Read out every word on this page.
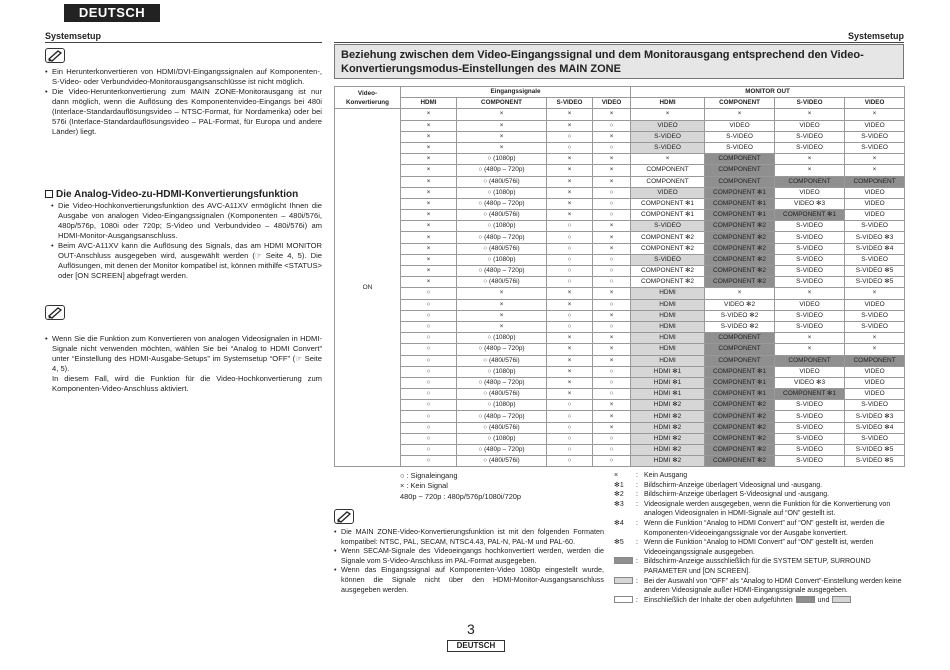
DEUTSCH
Systemsetup	Systemsetup
• Ein Herunterkonvertieren von HDMI/DVI-Eingangssignalen auf Komponenten-, S-Video- oder Verbundvideo-Monitorausgangsanschlüsse ist nicht möglich.
• Die Video-Herunterkonvertierung zum MAIN ZONE-Monitorausgang ist nur dann möglich, wenn die Auflösung des Komponentenvideo-Eingangs bei 480i (Interlace-Standardauflösungsvideo – NTSC-Format, für Nordamerika) oder bei 576i (Interlace-Standardauflösungsvideo – PAL-Format, für Europa und andere Länder) liegt.
Die Analog-Video-zu-HDMI-Konvertierungsfunktion
• Die Video-Hochkonvertierungsfunktion des AVC-A11XV ermöglicht Ihnen die Ausgabe von analogen Video-Eingangssignalen (Komponenten – 480i/576i, 480p/576p, 1080i oder 720p; S-Video und Verbundvideo – 480i/576i) am HDMI-Monitor-Ausgangsanschluss.
• Beim AVC-A11XV kann die Auflösung des Signals, das am HDMI MONITOR OUT-Anschluss ausgegeben wird, ausgewählt werden (☞ Seite 4, 5). Die Auflösungen, mit denen der Monitor kompatibel ist, können mithilfe <STATUS> oder [ON SCREEN] abgefragt werden.

• Wenn Sie die Funktion zum Konvertieren von analogen Videosignalen in HDMI-Signale nicht verwenden möchten, wählen Sie bei “Analog to HDMI Convert” unter “Einstellung des HDMI-Ausgabe-Setups” im Systemsetup “OFF” (☞ Seite 4, 5).
In diesem Fall, wird die Funktion für die Video-Hochkonvertierung zum Komponenten-Video-Anschluss aktiviert.

Beziehung zwischen dem Video-Eingangssignal und dem Monitorausgang entsprechend den Video-Konvertierungsmodus-Einstellungen des MAIN ZONE
Video-
Konvertierung	Eingangssignale				MONITOR OUT			
	HDMI	COMPONENT	S-VIDEO	VIDEO	HDMI	COMPONENT	S-VIDEO	VIDEO
ON	×	×	×	×	×	×	×	×
	×	×	×	○	VIDEO	VIDEO	VIDEO	VIDEO
	×	×	○	×	S-VIDEO	S-VIDEO	S-VIDEO	S-VIDEO
	×	×	○	○	S-VIDEO	S-VIDEO	S-VIDEO	S-VIDEO
	×	○ (1080p)	×	×	×	COMPONENT	×	×
	×	○ (480p – 720p)	×	×	COMPONENT	COMPONENT	×	×
	×	○ (480i/576i)	×	×	COMPONENT	COMPONENT	COMPONENT	COMPONENT
	×	○ (1080p)	×	○	VIDEO	COMPONENT ✻1	VIDEO	VIDEO
	×	○ (480p – 720p)	×	○	COMPONENT ✻1	COMPONENT ✻1	VIDEO ✻3	VIDEO
	×	○ (480i/576i)	×	○	COMPONENT ✻1	COMPONENT ✻1	COMPONENT ✻1	VIDEO
	×	○ (1080p)	○	×	S-VIDEO	COMPONENT ✻2	S-VIDEO	S-VIDEO
	×	○ (480p – 720p)	○	×	COMPONENT ✻2	COMPONENT ✻2	S-VIDEO	S-VIDEO ✻3
	×	○ (480i/576i)	○	×	COMPONENT ✻2	COMPONENT ✻2	S-VIDEO	S-VIDEO ✻4
	×	○ (1080p)	○	○	S-VIDEO	COMPONENT ✻2	S-VIDEO	S-VIDEO
	×	○ (480p – 720p)	○	○	COMPONENT ✻2	COMPONENT ✻2	S-VIDEO	S-VIDEO ✻5
	×	○ (480i/576i)	○	○	COMPONENT ✻2	COMPONENT ✻2	S-VIDEO	S-VIDEO ✻5
	○	×	×	×	HDMI	×	×	×
	○	×	×	○	HDMI	VIDEO ✻2	VIDEO	VIDEO
	○	×	○	×	HDMI	S-VIDEO ✻2	S-VIDEO	S-VIDEO
	○	×	○	○	HDMI	S-VIDEO ✻2	S-VIDEO	S-VIDEO
	○	○ (1080p)	×	×	HDMI	COMPONENT	×	×
	○	○ (480p – 720p)	×	×	HDMI	COMPONENT	×	×
	○	○ (480i/576i)	×	×	HDMI	COMPONENT	COMPONENT	COMPONENT
	○	○ (1080p)	×	○	HDMI ✻1	COMPONENT ✻1	VIDEO	VIDEO
	○	○ (480p – 720p)	×	○	HDMI ✻1	COMPONENT ✻1	VIDEO ✻3	VIDEO
	○	○ (480i/576i)	×	○	HDMI ✻1	COMPONENT ✻1	COMPONENT ✻1	VIDEO
	○	○ (1080p)	○	×	HDMI ✻2	COMPONENT ✻2	S-VIDEO	S-VIDEO
	○	○ (480p – 720p)	○	×	HDMI ✻2	COMPONENT ✻2	S-VIDEO	S-VIDEO ✻3
	○	○ (480i/576i)	○	×	HDMI ✻2	COMPONENT ✻2	S-VIDEO	S-VIDEO ✻4
	○	○ (1080p)	○	○	HDMI ✻2	COMPONENT ✻2	S-VIDEO	S-VIDEO
	○	○ (480p – 720p)	○	○	HDMI ✻2	COMPONENT ✻2	S-VIDEO	S-VIDEO ✻5
	○	○ (480i/576i)	○	○	HDMI ✻2	COMPONENT ✻2	S-VIDEO	S-VIDEO ✻5
○ : Signaleingang
× : Kein Signal
480p ~ 720p : 480p/576p/1080i/720p
• Die MAIN ZONE-Video-Konvertierungsfunktion ist mit den folgenden Formaten kompatibel: NTSC, PAL, SECAM, NTSC4.43, PAL-N, PAL-M und PAL-60.
• Wenn SECAM-Signale des Videoeingangs hochkonvertiert werden, werden die Signale vom S-Video-Anschluss im PAL-Format ausgegeben.
• Wenn das Eingangssignal auf Komponenten-Video 1080p eingestellt wurde, können die Signale nicht über den HDMI-Monitor-Ausgangsanschluss ausgegeben werden.
×	: Kein Ausgang
✻1	: Bildschirm-Anzeige überlagert Videosignal und -ausgang.
✻2	: Bildschirm-Anzeige überlagert S-Videosignal und -ausgang.
✻3	: Videosignale werden ausgegeben, wenn die Funktion für die Konvertierung von analogen Videosignalen in HDMI-Signale auf “ON” gestellt ist.
✻4	: Wenn die Funktion “Analog to HDMI Convert” auf “ON” gestellt ist, werden die Komponenten-Videoeingangssignale vor der Ausgabe konvertiert.
✻5	: Wenn die Funktion “Analog to HDMI Convert” auf “ON” gestellt ist, werden Videoeingangssignale ausgegeben.
: Bildschirm-Anzeige ausschließlich für die SYSTEM SETUP, SURROUND PARAMETER und [ON SCREEN].
: Bei der Auswahl von “OFF” als “Analog to HDMI Convert”-Einstellung werden keine anderen Videosignale außer HDMI-Eingangssignale ausgegeben.
: Einschließlich der Inhalte der oben aufgeführten	und
3
DEUTSCH
